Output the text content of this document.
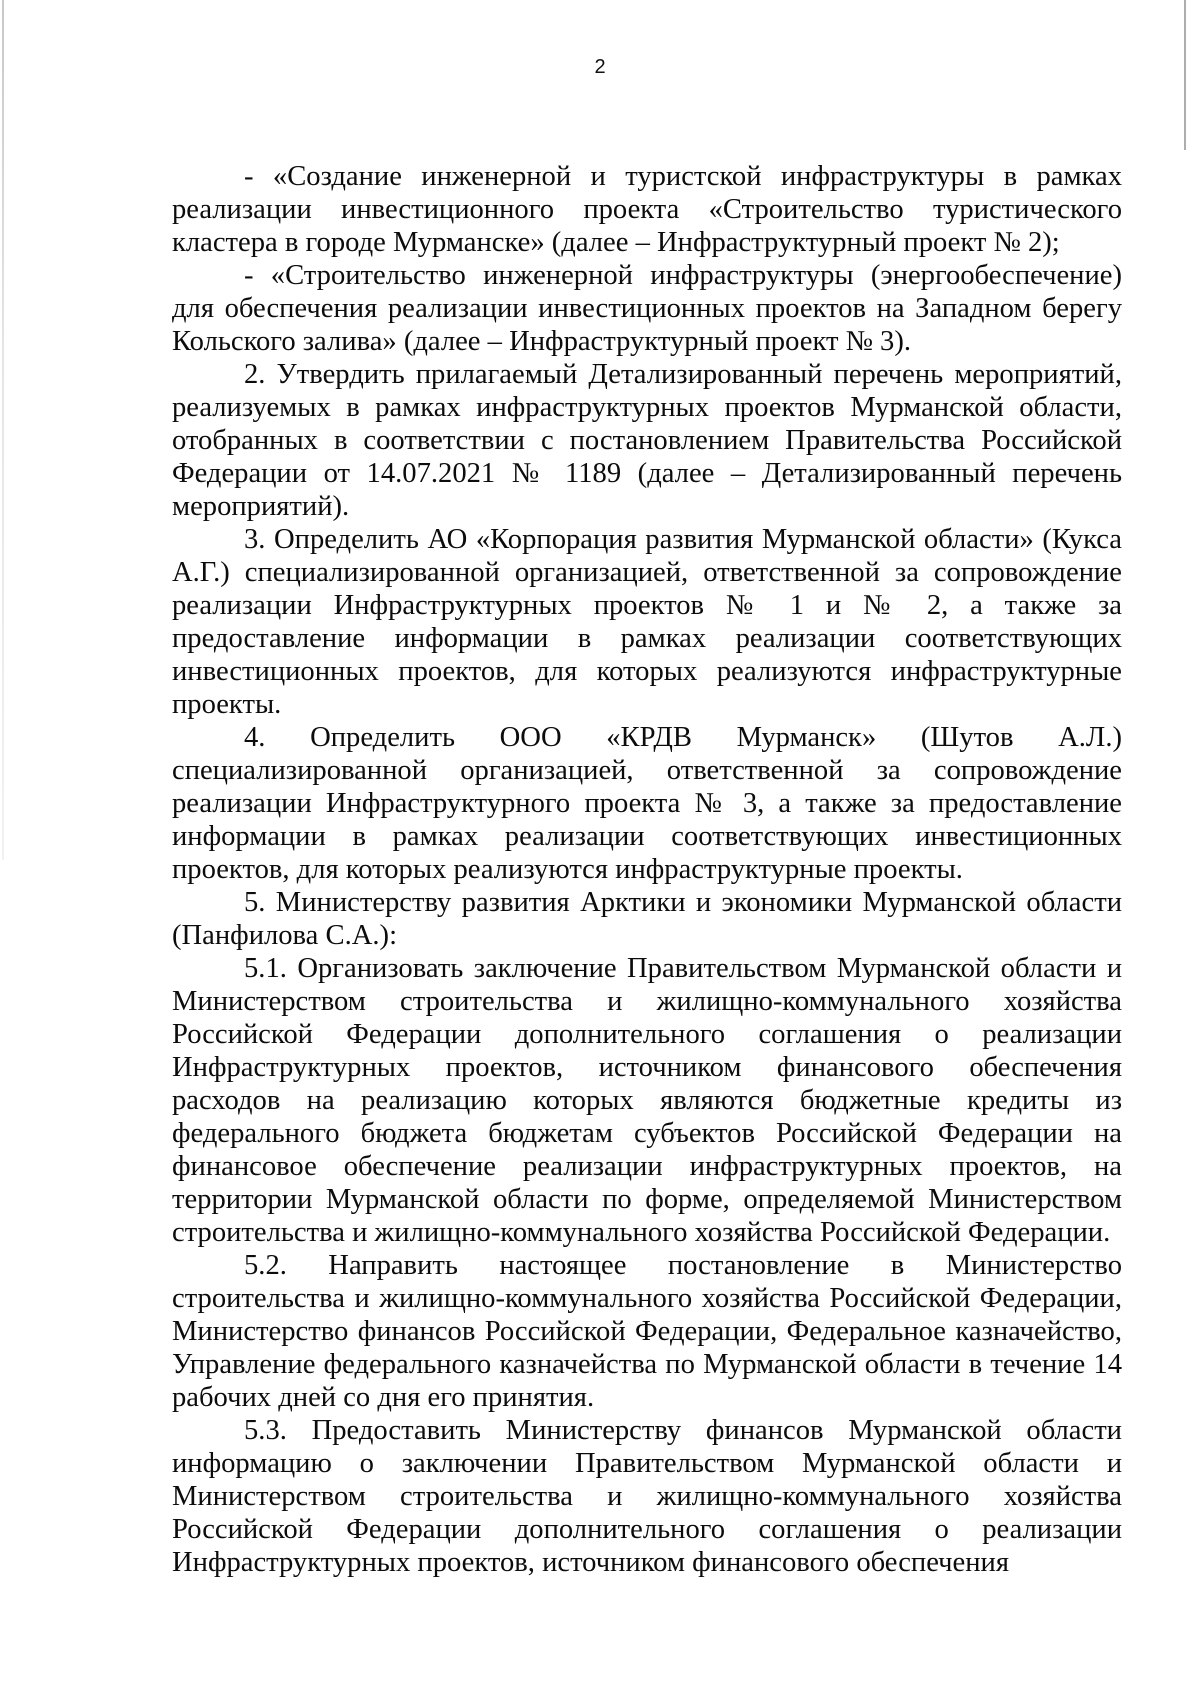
2

- «Создание инженерной и туристской инфраструктуры в рамках реализации инвестиционного проекта «Строительство туристического кластера в городе Мурманске» (далее – Инфраструктурный проект № 2);

- «Строительство инженерной инфраструктуры (энергообеспечение) для обеспечения реализации инвестиционных проектов на Западном берегу Кольского залива» (далее – Инфраструктурный проект № 3).

2. Утвердить прилагаемый Детализированный перечень мероприятий, реализуемых в рамках инфраструктурных проектов Мурманской области, отобранных в соответствии с постановлением Правительства Российской Федерации от 14.07.2021 № 1189 (далее – Детализированный перечень мероприятий).

3. Определить АО «Корпорация развития Мурманской области» (Кукса А.Г.) специализированной организацией, ответственной за сопровождение реализации Инфраструктурных проектов № 1 и № 2, а также за предоставление информации в рамках реализации соответствующих инвестиционных проектов, для которых реализуются инфраструктурные проекты.

4. Определить ООО «КРДВ Мурманск» (Шутов А.Л.) специализированной организацией, ответственной за сопровождение реализации Инфраструктурного проекта № 3, а также за предоставление информации в рамках реализации соответствующих инвестиционных проектов, для которых реализуются инфраструктурные проекты.

5. Министерству развития Арктики и экономики Мурманской области (Панфилова С.А.):

5.1. Организовать заключение Правительством Мурманской области и Министерством строительства и жилищно-коммунального хозяйства Российской Федерации дополнительного соглашения о реализации Инфраструктурных проектов, источником финансового обеспечения расходов на реализацию которых являются бюджетные кредиты из федерального бюджета бюджетам субъектов Российской Федерации на финансовое обеспечение реализации инфраструктурных проектов, на территории Мурманской области по форме, определяемой Министерством строительства и жилищно-коммунального хозяйства Российской Федерации.

5.2. Направить настоящее постановление в Министерство строительства и жилищно-коммунального хозяйства Российской Федерации, Министерство финансов Российской Федерации, Федеральное казначейство, Управление федерального казначейства по Мурманской области в течение 14 рабочих дней со дня его принятия.

5.3. Предоставить Министерству финансов Мурманской области информацию о заключении Правительством Мурманской области и Министерством строительства и жилищно-коммунального хозяйства Российской Федерации дополнительного соглашения о реализации Инфраструктурных проектов, источником финансового обеспечения
